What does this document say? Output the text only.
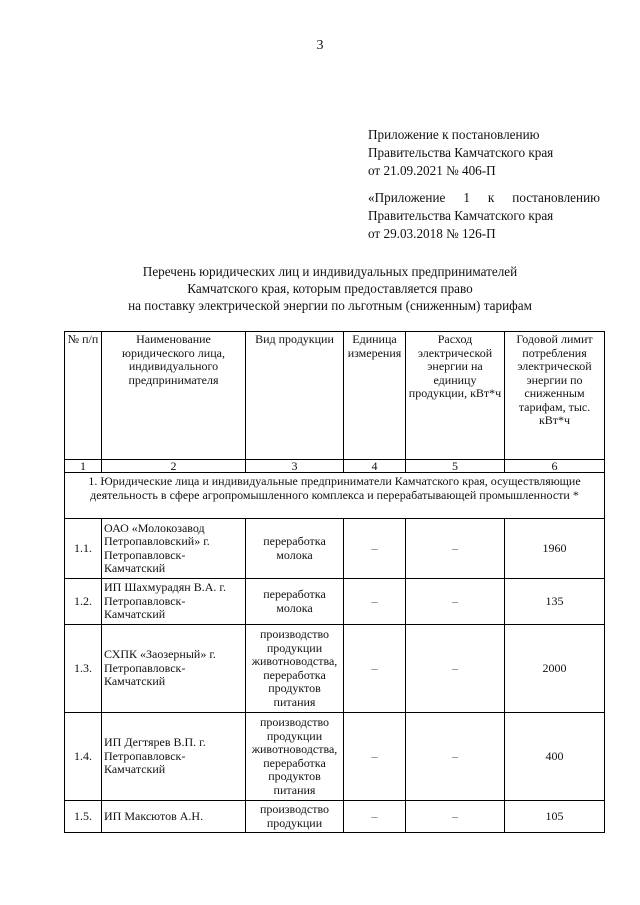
3
Приложение к постановлению
Правительства Камчатского края
от 21.09.2021 № 406-П
«Приложение 1 к постановлению
Правительства Камчатского края
от 29.03.2018 № 126-П
Перечень юридических лиц и индивидуальных предпринимателей
Камчатского края, которым предоставляется право
на поставку электрической энергии по льготным (сниженным) тарифам
№ п/п	Наименование юридического лица, индивидуального предпринимателя	Вид продукции	Единица измерения	Расход электрической энергии на единицу продукции, кВт*ч	Годовой лимит потребления электрической энергии по сниженным тарифам, тыс. кВт*ч
1	2	3	4	5	6
1. Юридические лица и индивидуальные предприниматели Камчатского края, осуществляющие деятельность в сфере агропромышленного комплекса и перерабатывающей промышленности *					
1.1.	ОАО «Молокозавод Петропавловский» г. Петропавловск-Камчатский	переработка молока	–	–	1960
1.2.	ИП Шахмурадян В.А. г. Петропавловск-Камчатский	переработка молока	–	–	135
1.3.	СХПК «Заозерный» г. Петропавловск-Камчатский	производство продукции животноводства, переработка продуктов питания	–	–	2000
1.4.	ИП Дегтярев В.П. г. Петропавловск-Камчатский	производство продукции животноводства, переработка продуктов питания	–	–	400
1.5.	ИП Максютов А.Н.	производство продукции	–	–	105
